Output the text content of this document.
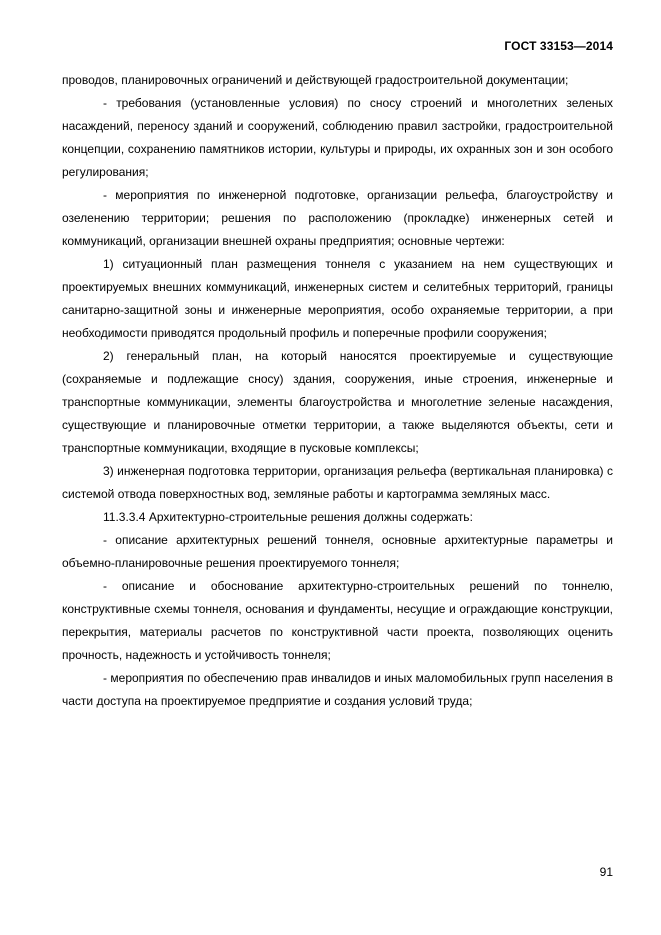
ГОСТ 33153—2014

проводов, планировочных ограничений и действующей градостроительной документации;

- требования (установленные условия) по сносу строений и многолетних зеленых насаждений, переносу зданий и сооружений, соблюдению правил застройки, градостроительной концепции, сохранению памятников истории, культуры и природы, их охранных зон и зон особого регулирования;

- мероприятия по инженерной подготовке, организации рельефа, благоустройству и озеленению территории; решения по расположению (прокладке) инженерных сетей и коммуникаций, организации внешней охраны предприятия; основные чертежи:

1) ситуационный план размещения тоннеля с указанием на нем существующих и проектируемых внешних коммуникаций, инженерных систем и селитебных территорий, границы санитарно-защитной зоны и инженерные мероприятия, особо охраняемые территории, а при необходимости приводятся продольный профиль и поперечные профили сооружения;

2) генеральный план, на который наносятся проектируемые и существующие (сохраняемые и подлежащие сносу) здания, сооружения, иные строения, инженерные и транспортные коммуникации, элементы благоустройства и многолетние зеленые насаждения, существующие и планировочные отметки территории, а также выделяются объекты, сети и транспортные коммуникации, входящие в пусковые комплексы;

3) инженерная подготовка территории, организация рельефа (вертикальная планировка) с системой отвода поверхностных вод, земляные работы и картограмма земляных масс.

11.3.3.4 Архитектурно-строительные решения должны содержать:

- описание архитектурных решений тоннеля, основные архитектурные параметры и объемно-планировочные решения проектируемого тоннеля;

- описание и обоснование архитектурно-строительных решений по тоннелю, конструктивные схемы тоннеля, основания и фундаменты, несущие и ограждающие конструкции, перекрытия, материалы расчетов по конструктивной части проекта, позволяющих оценить прочность, надежность и устойчивость тоннеля;

- мероприятия по обеспечению прав инвалидов и иных маломобильных групп населения в части доступа на проектируемое предприятие и создания условий труда;

91
